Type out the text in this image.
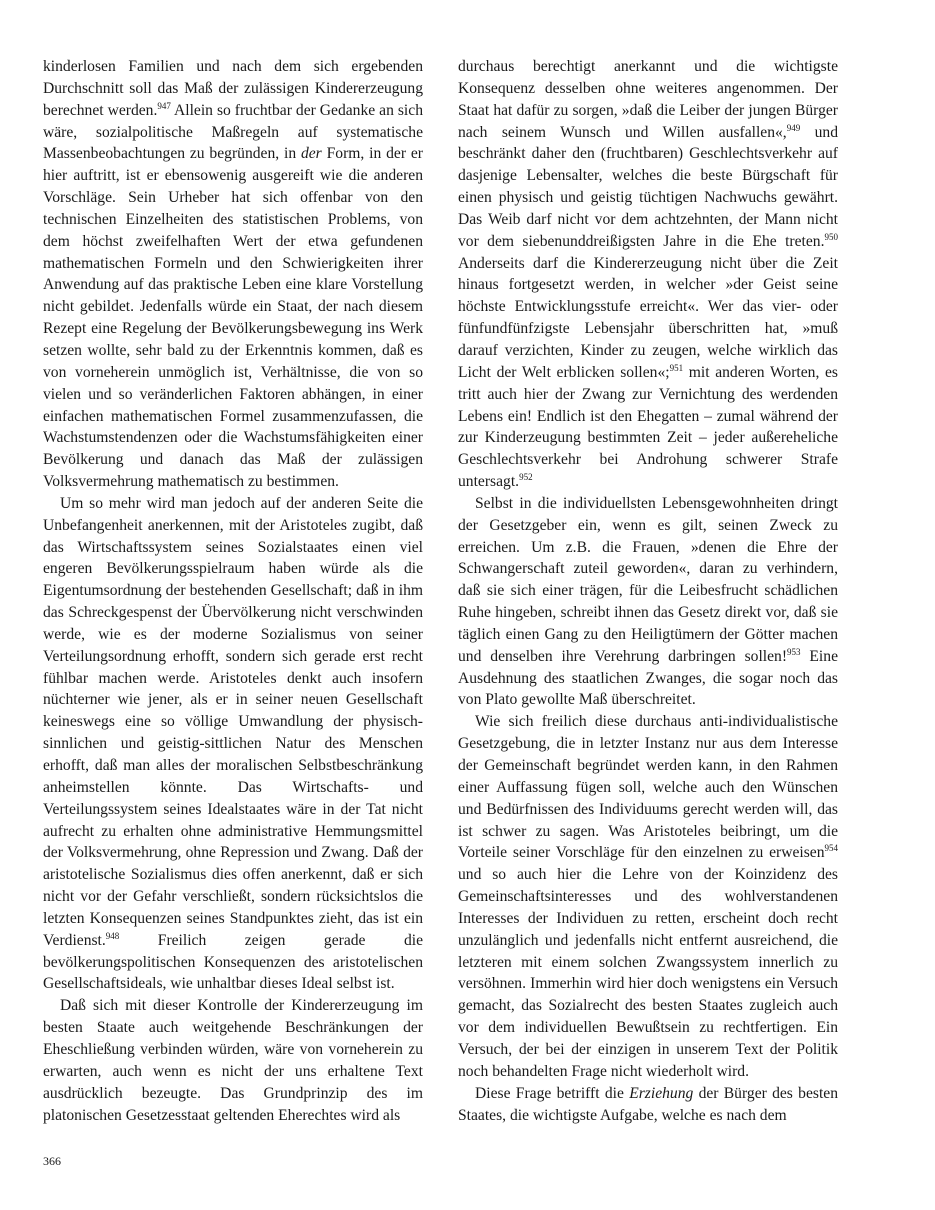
kinderlosen Familien und nach dem sich ergebenden Durchschnitt soll das Maß der zulässigen Kindererzeugung berechnet werden.$^{947}$ Allein so fruchtbar der Gedanke an sich wäre, sozialpolitische Maßregeln auf systematische Massenbeobachtungen zu begründen, in der Form, in der er hier auftritt, ist er ebensowenig ausgereift wie die anderen Vorschläge. Sein Urheber hat sich offenbar von den technischen Einzelheiten des statistischen Problems, von dem höchst zweifelhaften Wert der etwa gefundenen mathematischen Formeln und den Schwierigkeiten ihrer Anwendung auf das praktische Leben eine klare Vorstellung nicht gebildet. Jedenfalls würde ein Staat, der nach diesem Rezept eine Regelung der Bevölkerungsbewegung ins Werk setzen wollte, sehr bald zu der Erkenntnis kommen, daß es von vorneherein unmöglich ist, Verhältnisse, die von so vielen und so veränderlichen Faktoren abhängen, in einer einfachen mathematischen Formel zusammenzufassen, die Wachstumstendenzen oder die Wachstumsfähigkeiten einer Bevölkerung und danach das Maß der zulässigen Volksvermehrung mathematisch zu bestimmen.

Um so mehr wird man jedoch auf der anderen Seite die Unbefangenheit anerkennen, mit der Aristoteles zugibt, daß das Wirtschaftssystem seines Sozialstaates einen viel engeren Bevölkerungsspielraum haben würde als die Eigentumsordnung der bestehenden Gesellschaft; daß in ihm das Schreckgespenst der Übervölkerung nicht verschwinden werde, wie es der moderne Sozialismus von seiner Verteilungsordnung erhofft, sondern sich gerade erst recht fühlbar machen werde. Aristoteles denkt auch insofern nüchterner wie jener, als er in seiner neuen Gesellschaft keineswegs eine so völlige Umwandlung der physisch-sinnlichen und geistig-sittlichen Natur des Menschen erhofft, daß man alles der moralischen Selbstbeschränkung anheimstellen könnte. Das Wirtschafts- und Verteilungssystem seines Idealstaates wäre in der Tat nicht aufrecht zu erhalten ohne administrative Hemmungsmittel der Volksvermehrung, ohne Repression und Zwang. Daß der aristotelische Sozialismus dies offen anerkennt, daß er sich nicht vor der Gefahr verschließt, sondern rücksichtslos die letzten Konsequenzen seines Standpunktes zieht, das ist ein Verdienst.$^{948}$ Freilich zeigen gerade die bevölkerungspolitischen Konsequenzen des aristotelischen Gesellschaftsideals, wie unhaltbar dieses Ideal selbst ist.

Daß sich mit dieser Kontrolle der Kindererzeugung im besten Staate auch weitgehende Beschränkungen der Eheschließung verbinden würden, wäre von vorneherein zu erwarten, auch wenn es nicht der uns erhaltene Text ausdrücklich bezeugte. Das Grundprinzip des im platonischen Gesetzesstaat geltenden Eherechtes wird als

durchaus berechtigt anerkannt und die wichtigste Konsequenz desselben ohne weiteres angenommen. Der Staat hat dafür zu sorgen, »daß die Leiber der jungen Bürger nach seinem Wunsch und Willen ausfallen«,$^{949}$ und beschränkt daher den (fruchtbaren) Geschlechtsverkehr auf dasjenige Lebensalter, welches die beste Bürgschaft für einen physisch und geistig tüchtigen Nachwuchs gewährt. Das Weib darf nicht vor dem achtzehnten, der Mann nicht vor dem siebenunddreißigsten Jahre in die Ehe treten.$^{950}$ Anderseits darf die Kindererzeugung nicht über die Zeit hinaus fortgesetzt werden, in welcher »der Geist seine höchste Entwicklungsstufe erreicht«. Wer das vier- oder fünfundfünfzigste Lebensjahr überschritten hat, »muß darauf verzichten, Kinder zu zeugen, welche wirklich das Licht der Welt erblicken sollen«;$^{951}$ mit anderen Worten, es tritt auch hier der Zwang zur Vernichtung des werdenden Lebens ein! Endlich ist den Ehegatten – zumal während der zur Kinderzeugung bestimmten Zeit – jeder außereheliche Geschlechtsverkehr bei Androhung schwerer Strafe untersagt.$^{952}$

Selbst in die individuellsten Lebensgewohnheiten dringt der Gesetzgeber ein, wenn es gilt, seinen Zweck zu erreichen. Um z.B. die Frauen, »denen die Ehre der Schwangerschaft zuteil geworden«, daran zu verhindern, daß sie sich einer trägen, für die Leibesfrucht schädlichen Ruhe hingeben, schreibt ihnen das Gesetz direkt vor, daß sie täglich einen Gang zu den Heiligtümern der Götter machen und denselben ihre Verehrung darbringen sollen!$^{953}$ Eine Ausdehnung des staatlichen Zwanges, die sogar noch das von Plato gewollte Maß überschreitet.

Wie sich freilich diese durchaus anti-individualistische Gesetzgebung, die in letzter Instanz nur aus dem Interesse der Gemeinschaft begründet werden kann, in den Rahmen einer Auffassung fügen soll, welche auch den Wünschen und Bedürfnissen des Individuums gerecht werden will, das ist schwer zu sagen. Was Aristoteles beibringt, um die Vorteile seiner Vorschläge für den einzelnen zu erweisen$^{954}$ und so auch hier die Lehre von der Koinzidenz des Gemeinschaftsinteresses und des wohlverstandenen Interesses der Individuen zu retten, erscheint doch recht unzulänglich und jedenfalls nicht entfernt ausreichend, die letzteren mit einem solchen Zwangssystem innerlich zu versöhnen. Immerhin wird hier doch wenigstens ein Versuch gemacht, das Sozialrecht des besten Staates zugleich auch vor dem individuellen Bewußtsein zu rechtfertigen. Ein Versuch, der bei der einzigen in unserem Text der Politik noch behandelten Frage nicht wiederholt wird.

Diese Frage betrifft die Erziehung der Bürger des besten Staates, die wichtigste Aufgabe, welche es nach dem

366
